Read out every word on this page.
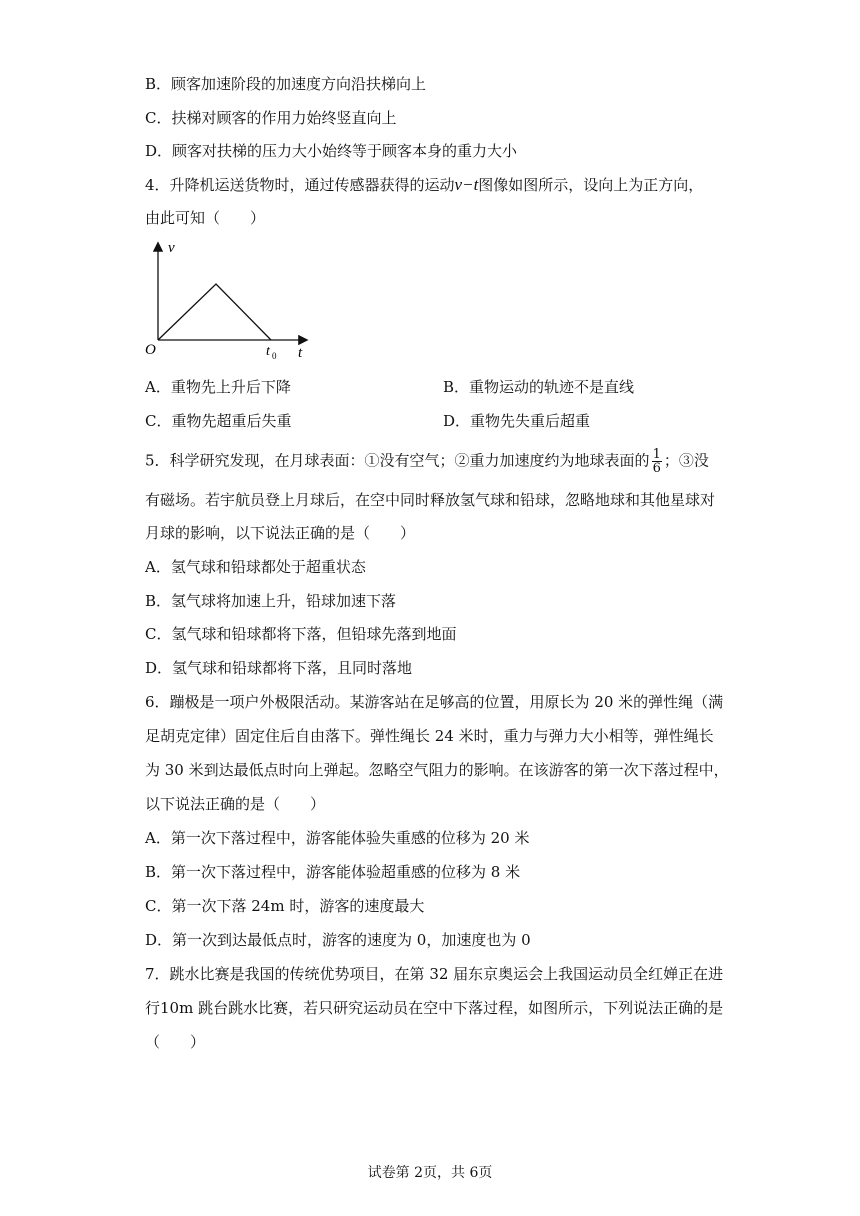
B．顾客加速阶段的加速度方向沿扶梯向上
C．扶梯对顾客的作用力始终竖直向上
D．顾客对扶梯的压力大小始终等于顾客本身的重力大小
4．升降机运送货物时，通过传感器获得的运动v−t图像如图所示，设向上为正方向，
由此可知（　　）
v
t
O	t 0
A．重物先上升后下降	B．重物运动的轨迹不是直线
C．重物先超重后失重	D．重物先失重后超重
5．科学研究发现，在月球表面：①没有空气；②重力加速度约为地球表面的 $\frac{1}{6}$ ；③没
有磁场。若宇航员登上月球后，在空中同时释放氢气球和铅球，忽略地球和其他星球对
月球的影响，以下说法正确的是（　　）
A．氢气球和铅球都处于超重状态
B．氢气球将加速上升，铅球加速下落
C．氢气球和铅球都将下落，但铅球先落到地面
D．氢气球和铅球都将下落，且同时落地
6．蹦极是一项户外极限活动。某游客站在足够高的位置，用原长为 20 米的弹性绳（满
足胡克定律）固定住后自由落下。弹性绳长 24 米时，重力与弹力大小相等，弹性绳长
为 30 米到达最低点时向上弹起。忽略空气阻力的影响。在该游客的第一次下落过程中，
以下说法正确的是（　　）
A．第一次下落过程中，游客能体验失重感的位移为 20 米
B．第一次下落过程中，游客能体验超重感的位移为 8 米
C．第一次下落 24m 时，游客的速度最大
D．第一次到达最低点时，游客的速度为 0，加速度也为 0
7．跳水比赛是我国的传统优势项目，在第 32 届东京奥运会上我国运动员全红婵正在进
行10m 跳台跳水比赛，若只研究运动员在空中下落过程，如图所示，下列说法正确的是
（　　）
试卷第 2页，共 6页
